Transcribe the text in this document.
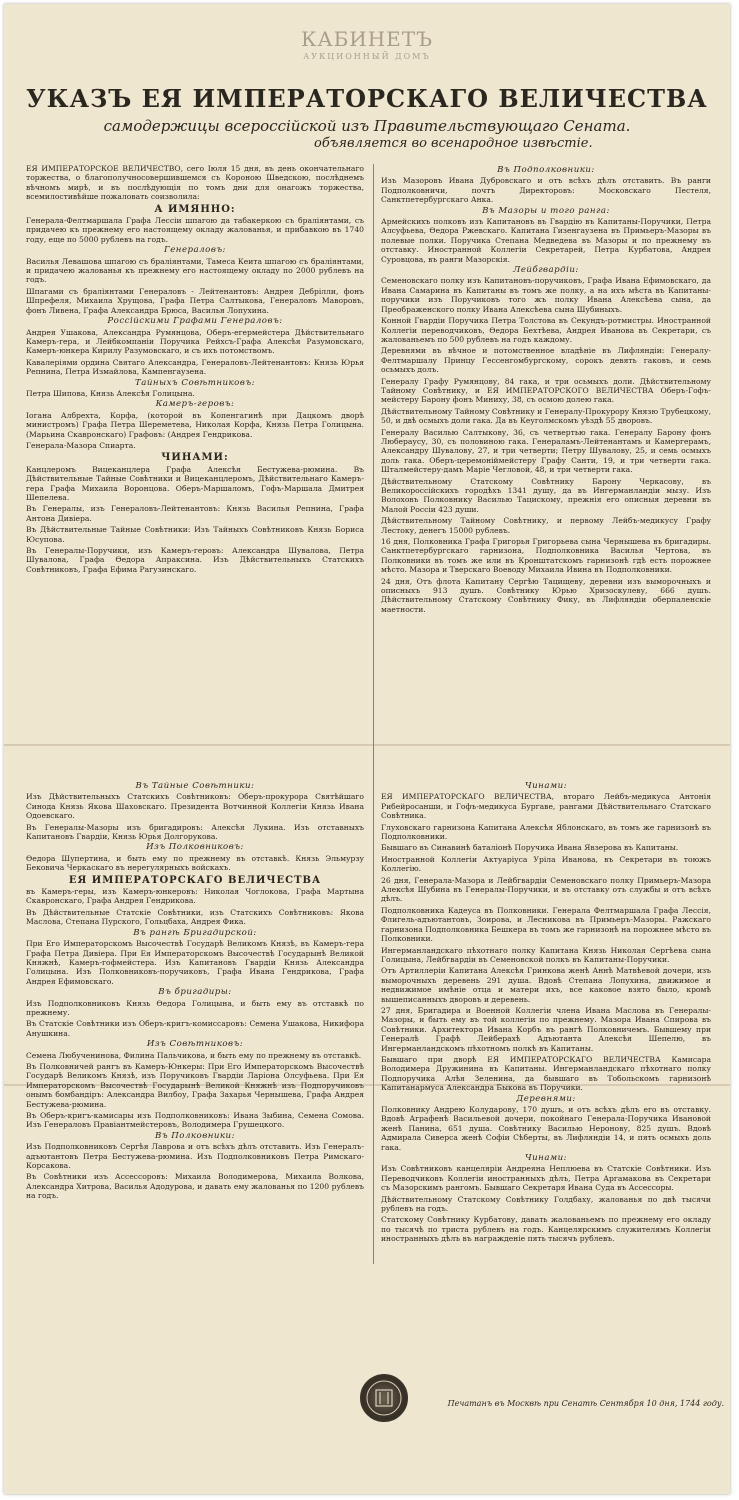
КАБИНЕТЪ
АУКЦИОННЫЙ ДОМЪ
УКАЗЪ ЕЯ ИМПЕРАТОРСКАГО ВЕЛИЧЕСТВА
самодержицы всероссiйской изъ Правительствующаго Сената.
объявляется во всенародное извѣстiе.

ЕЯ ИМПЕРАТОРСКОЕ ВЕЛИЧЕСТВО, сего Iюля 15 дня, въ день окончательнаго торжества, о благополучносовершившемся съ Короною Шведскою, послѣднемъ вѣчномъ мирѣ, и въ послѣдующiя по томъ дни для онагожъ торжества, всемилостивѣйше пожаловать соизволила:

А ИМЯННО:

Генерала-Фелтмаршала Графа Лессiи шпагою да табакеркою съ бралiянтами, съ придачею къ прежнему его настоящему окладу жалованья, и прибавкою въ 1740 году, еще по 5000 рублевъ на годъ.

Генераловъ:

Василья Левашова шпагою съ бралiянтами, Тамеса Кеита шпагою съ бралiянтами, и придачею жалованья къ прежнему его настоящему окладу по 2000 рублевъ на годъ.

Шпагами съ бралiянтами Генераловъ - Лейтенантовъ: Андрея Дебрiлли, фонъ Шпрефеля, Михаила Хрущова, Графа Петра Салтыкова, Генераловъ Маворовъ, фонъ Ливена, Графа Александра Брюса, Василья Лопухина.

Россiйскими Графами Генераловъ:

Андрея Ушакова, Александра Румянцова, Оберъ-егермейстера Дѣйствительнаго Камеръ-гера, и Лейбкомпанiи Поручика Рейхсъ-Графа Алексѣя Разумовскаго, Камеръ-юнкера Кирилу Разумовскаго, и съ ихъ потомствомъ.

Кавалерiями ордина Святаго Александра, Генераловъ-Лейтенантовъ: Князь Юрья Репнина, Петра Измайлова, Кампенгаузена.

Тайныхъ Совѣтниковъ:

Петра Шипова, Князь Алексѣя Голицына.

Камеръ-геровъ:

Iогана Албрехта, Корфа, (которой въ Копенгагинѣ при Дацкомъ дворѣ министромъ) Графа Петра Шереметева, Николая Корфа, Князь Петра Голицына. (Марьина Скавронскаго) Графовъ: (Андрея Гендрикова.

Генерала-Мазора Спиарта.

ЧИНАМИ:

Канцлеромъ Вицеканцлера Графа Алексѣя Бестужева-рюмина. Въ Дѣйствительные Тайные Совѣтники и Вицеканцлеромъ, Дѣйствительнаго Камеръ-гера Графа Михаила Воронцова. Оберъ-Маршаломъ, Гофъ-Маршала Дмитрея Шепелева.

Въ Генералы, изъ Генераловъ-Лейтенантовъ: Князь Василья Репнина, Графа Антона Дивiера.

Въ Дѣйствительные Тайные Совѣтники: Изъ Тайныхъ Совѣтниковъ Князь Бориса Юсупова.

Въ Генералы-Поручики, изъ Камеръ-геровъ: Александра Шувалова, Петра Шувалова, Графа Ѳедора Апраксина. Изъ Дѣйствительныхъ Статскихъ Совѣтниковъ, Графа Ефима Рагузинскаго.

Въ Подполковники:

Изъ Мазоровъ Ивана Дубровскаго и отъ всѣхъ дѣлъ отставить. Въ ранги Подполковничи, почтъ Директоровъ: Московскаго Пестеля, Санктпетербургскаго Анка.

Въ Мазоры и того ранга:

Армейскихъ полковъ изъ Капитановъ въ Гвардiю въ Капитаны-Поручики, Петра Алсуфьева, Ѳедора Ржевскаго. Капитана Гизенгаузена въ Примьеръ-Мазоры въ полевые полки. Поручика Степана Медведева въ Мазоры и по прежнему въ отставку. Иностранной Коллегiи Секретарей, Петра Курбатова, Андрея Суровцова, въ ранги Мазорскiя.

Лейбгвардiи:

Семеновскаго полку изъ Капитановъ-поручиковъ, Графа Ивана Ефимовскаго, да Ивана Самарина въ Капитаны въ томъ же полку, а на ихъ мѣста въ Капитаны-поручики изъ Поручиковъ того жъ полку Ивана Алексѣева сына, да Преображенского полку Ивана Алексѣевa сына Шубиныхъ.

Конной Гвардiи Поручика Петра Толстова въ Секундъ-ротмистры. Иностранной Коллегiи переводчиковъ, Ѳедора Бехтѣева, Андрея Иванова въ Секретари, съ жалованьемъ по 500 рублевъ на годъ каждому.

Деревнями въ вѣчное и потомственное владѣнiе въ Лифляндiи: Генералу-Фелтмаршалу Принцу Гессенгомбургскому, сорокъ девять гаковъ, и семь осьмыхъ долъ.

Генералу Графу Румянцову, 84 гака, и три осьмыхъ доли. Дѣйствительному Тайному Совѣтнику, и ЕЯ ИМПЕРАТОРСКОГО ВЕЛИЧЕСТВА Оберъ-Гофъ-мейстеру Барону фонъ Миниху, 38, съ осмою долею гака.

Дѣйствительному Тайному Совѣтнику и Генералу-Прокурору Князю Трубецкому, 50, и двѣ осмыхъ доли гака. Да въ Кеуголмскомъ уѣздѣ 55 дворовъ.

Генералу Василью Салтыкову, 36, съ четвертью гака. Генералу Барону фонъ Любераусу, 30, съ половиною гака. Генераламъ-Лейтенантамъ и Камергерамъ, Александру Шувалову, 27, и три четверти; Петру Шувалову, 25, и семь осмыхъ доль гака. Оберъ-церемонiймейстеру Графу Санти, 19, и три четверти гака. Шталмейстеру-дамъ Марiе Чегловой, 48, и три четверти гака.

Дѣйствительному Статскому Совѣтнику Барону Черкасову, въ Великороссiйскихъ городѣхъ 1341 душу, да въ Ингерманландiи мызу. Изъ Волоховъ Полковнику Василью Тацискому, прежнiя его описныя деревни въ Малой Россiи 423 души.

Дѣйствительному Тайному Совѣтнику, и первому Лейбъ-медикусу Графу Лестоку, денегъ 15000 рублевъ.

16 дня, Полковника Графа Григорья Григорьева сына Чернышева въ бригадиры. Санктпетербургскаго гарнизона, Подполковника Василья Чертова, въ Полковники въ томъ же или въ Кронштатскомъ гарнизонѣ гдѣ есть порожнее мѣсто. Мазора и Тверскаго Воеводу Михаила Ивина въ Подполковники.

24 дня, Отъ флота Капитану Сергѣю Тацищеву, деревни изъ выморочныхъ и описныхъ 913 душъ. Совѣтнику Юрью Хризоскулеву, 666 душъ. Дѣйствительному Статскому Совѣтнику Фику, въ Лифляндiи оберпаленскiе маетности.

Въ Тайные Совѣтники:

Изъ Дѣйствительныхъ Статскихъ Совѣтниковъ: Оберъ-прокурора Святѣйшаго Синода Князь Якова Шаховскаго. Президента Вотчинной Коллегiи Князь Ивана Одоевскаго.

Въ Генералы-Мазоры изъ бригадировъ: Алексѣя Лукина. Изъ отставныхъ Капитановъ Гвардiи, Князь Юрья Долгорукова.

Изъ Полковниковъ:

Ѳедора Шупертина, и быть ему по прежнему въ отставкѣ. Князь Эльмурзу Бековича Черкаскаго въ нерегулярныхъ войскахъ.

ЕЯ ИМПЕРАТОРСКАГО ВЕЛИЧЕСТВА

въ Камеръ-геры, изъ Камеръ-юнкеровъ: Николая Чоглокова, Графа Мартына Скавронскаго, Графа Андрея Гендрикова.

Въ Дѣйствительные Статскiе Совѣтники, изъ Статскихъ Совѣтниковъ: Якова Маслова, Степана Пурского, Гольцбаха, Андрея Фика.

Въ рангѣ Бригадирской:

При Его Императорскомъ Высочествѣ Государѣ Великомъ Князѣ, въ Камеръ-гера Графа Петра Дивiера. При Ея Императорскомъ Высочествѣ Государынѣ Великой Княжнѣ, Камеръ-гофмейстера. Изъ Капитановъ Гвардiи Князь Александра Голицына. Изъ Полковниковъ-поручиковъ, Графа Ивана Гендрикова, Графа Андрея Ефимовскаго.

Въ бригадиры:

Изъ Подполковниковъ Князь Ѳедора Голицына, и быть ему въ отставкѣ по прежнему.

Въ Статскiе Совѣтники изъ Оберъ-кригъ-комиссаровъ: Семена Ушакова, Никифора Анушкина.

Изъ Совѣтниковъ:

Семена Любученинова, Филина Пальчикова, и быть ему по прежнему въ отставкѣ.

Въ Полковничей рангъ въ Камеръ-Юнкеры: При Его Императорскомъ Высочествѣ Государѣ Великомъ Князѣ, изъ Поручиковъ Гвардiи Ларiона Олсуфьева. При Ея Императорскомъ Высочествѣ Государынѣ Великой Княжнѣ изъ Подпоручиковъ онымъ бомбандiръ: Александра Вилбоу, Графа Захарья Чернышева, Графа Андрея Бестужева-рюмина.

Въ Оберъ-кригъ-камисары изъ Подполковниковъ: Ивана Зыбина, Семена Сомова. Изъ Генераловъ Правiантмейстеровъ, Володимера Грушецкого.

Въ Полковники:

Изъ Подполковниковъ Сергѣя Лаврова и отъ всѣхъ дѣлъ отставить. Изъ Генералъ-адъютантовъ Петра Бестужева-рюмина. Изъ Подполковниковъ Петра Римскаго-Корсакова.

Въ Совѣтники изъ Ассессоровъ: Михаила Володимерова, Михаила Волкова, Александра Хитрова, Василья Адодурова, и давать ему жалованья по 1200 рублевъ на годъ.

Чинами:

ЕЯ ИМПЕРАТОРСКАГО ВЕЛИЧЕСТВА, вторaго Лейбъ-медикуса Антонiя Рибейросанши, и Гофъ-медикуса Бургаве, рангами Дѣйствительнаго Статскаго Совѣтника.

Глуховскаго гарнизона Капитана Алексѣя Яблонскаго, въ томъ же гарнизонѣ въ Подполковники.

Бывшаго въ Синавинѣ баталiонѣ Поручика Ивана Явзерова въ Капитаны.

Иностранной Коллегiи Актуарiуса Урiла Иванова, въ Секретари въ тоюжъ Коллегiю.

26 дня, Генерала-Мазора и Лейбгвардiи Семеновскаго полку Примьеръ-Мазора Алексѣя Шубина въ Генералы-Поручики, и въ отставку отъ службы и отъ всѣхъ дѣлъ.

Подполковника Кадеуса въ Полковники. Генерала Фелтмаршала Графа Лессiя, Флигель-адъютантовъ, Зоирова, и Лесникова въ Примьеръ-Мазоры. Ражскаго гарнизона Подполковника Бешкера въ томъ же гарнизонѣ на порожнее мѣсто въ Полковники.

Ингерманландскаго пѣхотнаго полку Капитана Князь Николая Сергѣева сына Голицына, Лейбгвардiи въ Семеновской полкъ въ Капитаны-Поручики.

Отъ Артиллерiи Капитана Алексѣя Гринкова женѣ Аннѣ Матвѣевой дочери, изъ выморочныхъ деревень 291 душа. Вдовѣ Степана Лопухина, движимое и недвижимое имѣнiе отца и матери ихъ, все каковое взято было, кромѣ вышеписанныхъ дворовъ и деревень.

27 дня, Бригадира и Военной Коллегiи члена Ивана Маслова въ Генералы-Мазоры, и быть ему въ той коллегiи по прежнему. Мазора Ивана Спирова въ Совѣтники. Архитектора Ивана Корбъ въ рангѣ Полковничемъ. Бывшему при Генералѣ Графѣ Лейберахѣ Адъютанта Алексѣя Шепелю, въ Ингерманландскомъ пѣхотномъ полкѣ въ Капитаны.

Бывшаго при дворѣ ЕЯ ИМПЕРАТОРСКАГО ВЕЛИЧЕСТВА Камисара Володимера Дружинина въ Капитаны. Ингерманландскаго пѣхотнаго полку Подпоручика Алѣя Зеленина, да бывшаго въ Тобольскомъ гарнизонѣ Капитанармуса Александра Быкова въ Поручики.

Деревнями:

Полковнику Андрею Колударову, 170 душъ, и отъ всѣхъ дѣлъ его въ отставку. Вдовѣ Аграфенѣ Васильевой дочери, покойнаго Генерала-Поручика Ивановой женѣ Панина, 651 душа. Совѣтнику Василью Неронову, 825 душъ. Вдовѣ Адмирала Сиверса женѣ Софiи Сѣберты, въ Лифляндiи 14, и пять осмыхъ доль гака.

Чинами:

Изъ Совѣтниковъ канцелярiи Андреяна Неплюева въ Статскiе Совѣтники. Изъ Переводчиковъ Коллегiи иностранныхъ дѣлъ, Петра Аргамакова въ Секретари съ Мазорскимъ рангомъ. Бывшаго Секретаря Ивана Суда въ Ассессоры.

Дѣйствительному Статскому Совѣтнику Голдбаху, жалованья по двѣ тысячи рублевъ на годъ.

Статскому Совѣтнику Курбатову, давать жалованьемъ по прежнему его окладу по тысячѣ по триста рублевъ на годъ. Канцелярскимъ служителямъ Коллегiи иностранныхъ дѣлъ въ награжденiе пять тысячъ рублевъ.

Печатанъ въ Москвѣ при Сенатѣ Сентября 10 дня, 1744 году.
